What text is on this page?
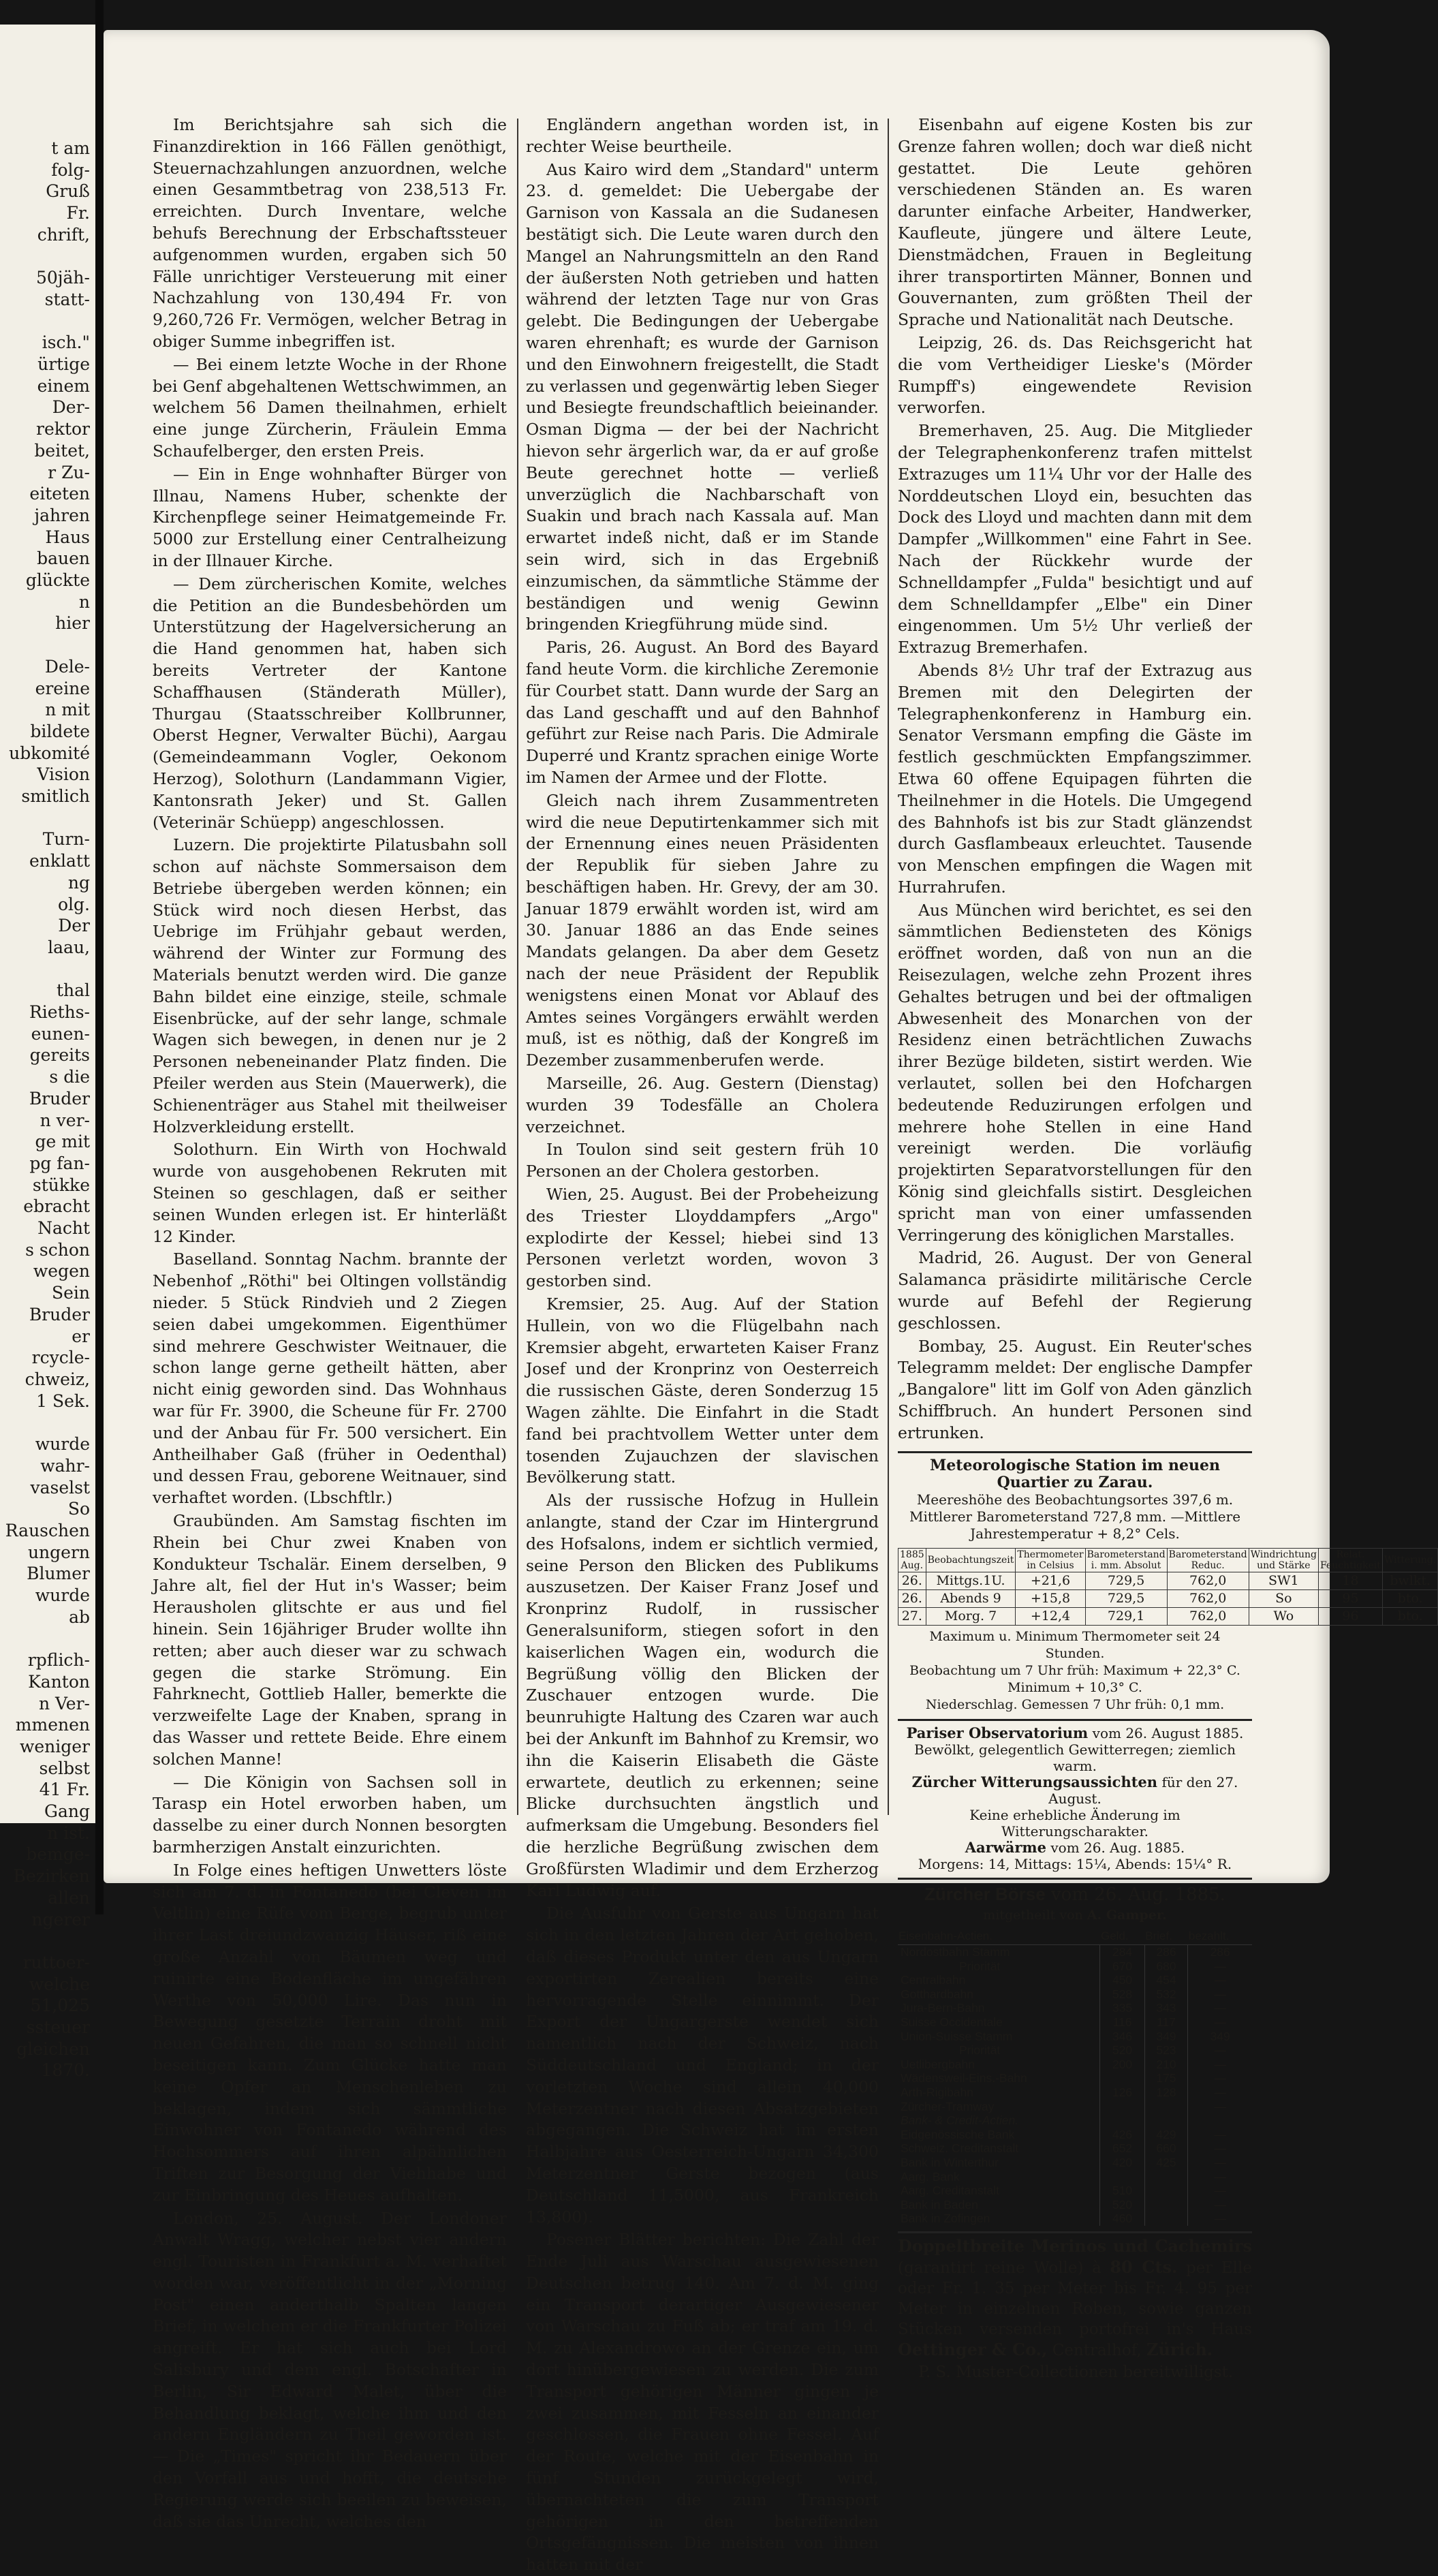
t am
folg-
Gruß
Fr.
chrift,
50jäh-
statt-
isch."
ürtige
einem
Der-
rektor
beitet,
r Zu-
eiteten
jahren
Haus
bauen
glückte
n
hier
Dele-
ereine
n mit
bildete
ubkomité
Vision
smitlich
Turn-
enklatt
ng
olg.
Der
laau,
thal
Rieths-
eunen-
gereits
s die
Bruder
n ver-
ge mit
pg fan-
stükke
ebracht
Nacht
s schon
wegen
Sein
Bruder
er
rcycle-
chweiz,
1 Sek.
wurde
wahr-
vaselst
So
Rauschen
ungern
Blumer
wurde
ab
rpflich-
Kanton
n Ver-
mmenen
weniger
selbst
41 Fr.
Gang
n ist.
bemge-
Bezirken
allen
ngerer
ruttoer-
welche
51,025
ssteuer
gleichen
1870.

Im Berichtsjahre sah sich die Finanzdirektion in 166 Fällen genöthigt, Steuernachzahlungen anzuordnen, welche einen Gesammtbetrag von 238,513 Fr. erreichten. Durch Inventare, welche behufs Berechnung der Erbschaftssteuer aufgenommen wurden, ergaben sich 50 Fälle unrichtiger Versteuerung mit einer Nachzahlung von 130,494 Fr. von 9,260,726 Fr. Vermögen, welcher Betrag in obiger Summe inbegriffen ist.

— Bei einem letzte Woche in der Rhone bei Genf abgehaltenen Wettschwimmen, an welchem 56 Damen theilnahmen, erhielt eine junge Zürcherin, Fräulein Emma Schaufelberger, den ersten Preis.

— Ein in Enge wohnhafter Bürger von Illnau, Namens Huber, schenkte der Kirchenpflege seiner Heimatgemeinde Fr. 5000 zur Erstellung einer Centralheizung in der Illnauer Kirche.

— Dem zürcherischen Komite, welches die Petition an die Bundesbehörden um Unterstützung der Hagelversicherung an die Hand genommen hat, haben sich bereits Vertreter der Kantone Schaffhausen (Ständerath Müller), Thurgau (Staatsschreiber Kollbrunner, Oberst Hegner, Verwalter Büchi), Aargau (Gemeindeammann Vogler, Oekonom Herzog), Solothurn (Landammann Vigier, Kantonsrath Jeker) und St. Gallen (Veterinär Schüepp) angeschlossen.

Luzern. Die projektirte Pilatusbahn soll schon auf nächste Sommersaison dem Betriebe übergeben werden können; ein Stück wird noch diesen Herbst, das Uebrige im Frühjahr gebaut werden, während der Winter zur Formung des Materials benutzt werden wird. Die ganze Bahn bildet eine einzige, steile, schmale Eisenbrücke, auf der sehr lange, schmale Wagen sich bewegen, in denen nur je 2 Personen nebeneinander Platz finden. Die Pfeiler werden aus Stein (Mauerwerk), die Schienenträger aus Stahel mit theilweiser Holzverkleidung erstellt.

Solothurn. Ein Wirth von Hochwald wurde von ausgehobenen Rekruten mit Steinen so geschlagen, daß er seither seinen Wunden erlegen ist. Er hinterläßt 12 Kinder.

Baselland. Sonntag Nachm. brannte der Nebenhof „Röthi" bei Oltingen vollständig nieder. 5 Stück Rindvieh und 2 Ziegen seien dabei umgekommen. Eigenthümer sind mehrere Geschwister Weitnauer, die schon lange gerne getheilt hätten, aber nicht einig geworden sind. Das Wohnhaus war für Fr. 3900, die Scheune für Fr. 2700 und der Anbau für Fr. 500 versichert. Ein Antheilhaber Gaß (früher in Oedenthal) und dessen Frau, geborene Weitnauer, sind verhaftet worden. (Lbschftlr.)

Graubünden. Am Samstag fischten im Rhein bei Chur zwei Knaben von Kondukteur Tschalär. Einem derselben, 9 Jahre alt, fiel der Hut in's Wasser; beim Herausholen glitschte er aus und fiel hinein. Sein 16jähriger Bruder wollte ihn retten; aber auch dieser war zu schwach gegen die starke Strömung. Ein Fahrknecht, Gottlieb Haller, bemerkte die verzweifelte Lage der Knaben, sprang in das Wasser und rettete Beide. Ehre einem solchen Manne!

— Die Königin von Sachsen soll in Tarasp ein Hotel erworben haben, um dasselbe zu einer durch Nonnen besorgten barmherzigen Anstalt einzurichten.

In Folge eines heftigen Unwetters löste sich am 7. d. in Fontanedo (bei Cleven im Veltlin) eine Rüfe vom Berge, begrub unter ihrer Last dreiundzwanzig Häuser, riß eine große Anzahl von Bäumen weg und ruinirte eine Bodenfläche im ungefähren Werthe von 50,000 Lire. Das nun in Bewegung gesetzte Terrain droht mit neuen Gefahren, die man so schnell nicht beseitigen kann. Zum Glücke hatte man keine Opfer an Menschenleben zu beklagen, indem sich sämmtliche Einwohner von Fontanedo während des Hochsommers auf ihren alpähnlichen Triften zur Besorgung der Viehhabe und zur Einbringung des Heues aufhalten.

London, 25. August. Der Londoner Anwalt Wragg, welcher nebst vier andern engl. Touristen in Frankfurt a. M. verhaftet worden war, veröffentlicht in der „Morning Post" einen anderthalb Spalten langen Brief, in welchem er die Frankfurter Polizei angreift. Er hat sich auch bei Lord Salisbury und dem engl. Botschafter in Berlin, Sir Edward Malet, über die Behandlung beklagt, welche ihm und den andern Engländern zu Theil geworden ist. — Die „Times" spricht ihr Bedauern über den Vorfall aus und hofft, die deutsche Regierung werde sich beeilen zu beweisen, daß sie das Unrecht, welches den

Engländern angethan worden ist, in rechter Weise beurtheile.

Aus Kairo wird dem „Standard" unterm 23. d. gemeldet: Die Uebergabe der Garnison von Kassala an die Sudanesen bestätigt sich. Die Leute waren durch den Mangel an Nahrungsmitteln an den Rand der äußersten Noth getrieben und hatten während der letzten Tage nur von Gras gelebt. Die Bedingungen der Uebergabe waren ehrenhaft; es wurde der Garnison und den Einwohnern freigestellt, die Stadt zu verlassen und gegenwärtig leben Sieger und Besiegte freundschaftlich beieinander. Osman Digma — der bei der Nachricht hievon sehr ärgerlich war, da er auf große Beute gerechnet hotte — verließ unverzüglich die Nachbarschaft von Suakin und brach nach Kassala auf. Man erwartet indeß nicht, daß er im Stande sein wird, sich in das Ergebniß einzumischen, da sämmtliche Stämme der beständigen und wenig Gewinn bringenden Kriegführung müde sind.

Paris, 26. August. An Bord des Bayard fand heute Vorm. die kirchliche Zeremonie für Courbet statt. Dann wurde der Sarg an das Land geschafft und auf den Bahnhof geführt zur Reise nach Paris. Die Admirale Duperré und Krantz sprachen einige Worte im Namen der Armee und der Flotte.

Gleich nach ihrem Zusammentreten wird die neue Deputirtenkammer sich mit der Ernennung eines neuen Präsidenten der Republik für sieben Jahre zu beschäftigen haben. Hr. Grevy, der am 30. Januar 1879 erwählt worden ist, wird am 30. Januar 1886 an das Ende seines Mandats gelangen. Da aber dem Gesetz nach der neue Präsident der Republik wenigstens einen Monat vor Ablauf des Amtes seines Vorgängers erwählt werden muß, ist es nöthig, daß der Kongreß im Dezember zusammenberufen werde.

Marseille, 26. Aug. Gestern (Dienstag) wurden 39 Todesfälle an Cholera verzeichnet.

In Toulon sind seit gestern früh 10 Personen an der Cholera gestorben.

Wien, 25. August. Bei der Probeheizung des Triester Lloyddampfers „Argo" explodirte der Kessel; hiebei sind 13 Personen verletzt worden, wovon 3 gestorben sind.

Kremsier, 25. Aug. Auf der Station Hullein, von wo die Flügelbahn nach Kremsier abgeht, erwarteten Kaiser Franz Josef und der Kronprinz von Oesterreich die russischen Gäste, deren Sonderzug 15 Wagen zählte. Die Einfahrt in die Stadt fand bei prachtvollem Wetter unter dem tosenden Zujauchzen der slavischen Bevölkerung statt.

Als der russische Hofzug in Hullein anlangte, stand der Czar im Hintergrund des Hofsalons, indem er sichtlich vermied, seine Person den Blicken des Publikums auszusetzen. Der Kaiser Franz Josef und Kronprinz Rudolf, in russischer Generalsuniform, stiegen sofort in den kaiserlichen Wagen ein, wodurch die Begrüßung völlig den Blicken der Zuschauer entzogen wurde. Die beunruhigte Haltung des Czaren war auch bei der Ankunft im Bahnhof zu Kremsir, wo ihn die Kaiserin Elisabeth die Gäste erwartete, deutlich zu erkennen; seine Blicke durchsuchten ängstlich und aufmerksam die Umgebung. Besonders fiel die herzliche Begrüßung zwischen dem Großfürsten Wladimir und dem Erzherzog Karl Ludwig auf.

Die Ausfuhr von Gerste aus Ungarn hat sich in den letzten Jahren der Art gehoben, daß dieses Produkt unter den aus Ungarn exportirten Zerealien bereits eine hervorragende Stelle einnimmt. Der Export der Ungargerste wendet sich namentlich nach der Schweiz, nach Süddeutschland und England; in der vorletzten Woche sind allein 40,000 Meterzentner nach diesen Absatzgebieten abgegangen. Die Schweiz hat im ersten Halbjahre aus Oesterreich-Ungarn 34,300 Meterzentner Gerste bezogen (aus Deutschland 11,5000, aus Frankreich 13,800).

Posener Blätter berichten: Die Zahl der Ende Juli aus Warschau ausgewiesenen Deutschen betrug 140. Am 7. d. M. ging ein Transport derartiger Ausgewiesener von Warschau zu Fuß ab; er traf am 19. d. M. zu Alexandrowo an der Grenze ein, um dort hinübergewiesen zu werden. Die zum Transport gehörigen Männer gingen je zwei zusammen, mit Fesseln an einander geschlossen, die Frauen ohne Fessel. Auf der Route, welche mit der Eisenbahn in fünf Stunden zurückgelegt wird, übernachteten die zum Transport gehörigen in den betreffenden Ortsgefängnissen. Die meisten von ihnen hatten mit der

Eisenbahn auf eigene Kosten bis zur Grenze fahren wollen; doch war dieß nicht gestattet. Die Leute gehören verschiedenen Ständen an. Es waren darunter einfache Arbeiter, Handwerker, Kaufleute, jüngere und ältere Leute, Dienstmädchen, Frauen in Begleitung ihrer transportirten Männer, Bonnen und Gouvernanten, zum größten Theil der Sprache und Nationalität nach Deutsche.

Leipzig, 26. ds. Das Reichsgericht hat die vom Vertheidiger Lieske's (Mörder Rumpff's) eingewendete Revision verworfen.

Bremerhaven, 25. Aug. Die Mitglieder der Telegraphenkonferenz trafen mittelst Extrazuges um 11¼ Uhr vor der Halle des Norddeutschen Lloyd ein, besuchten das Dock des Lloyd und machten dann mit dem Dampfer „Willkommen" eine Fahrt in See. Nach der Rückkehr wurde der Schnelldampfer „Fulda" besichtigt und auf dem Schnelldampfer „Elbe" ein Diner eingenommen. Um 5½ Uhr verließ der Extrazug Bremerhafen.

Abends 8½ Uhr traf der Extrazug aus Bremen mit den Delegirten der Telegraphenkonferenz in Hamburg ein. Senator Versmann empfing die Gäste im festlich geschmückten Empfangszimmer. Etwa 60 offene Equipagen führten die Theilnehmer in die Hotels. Die Umgegend des Bahnhofs ist bis zur Stadt glänzendst durch Gasflambeaux erleuchtet. Tausende von Menschen empfingen die Wagen mit Hurrahrufen.

Aus München wird berichtet, es sei den sämmtlichen Bediensteten des Königs eröffnet worden, daß von nun an die Reisezulagen, welche zehn Prozent ihres Gehaltes betrugen und bei der oftmaligen Abwesenheit des Monarchen von der Residenz einen beträchtlichen Zuwachs ihrer Bezüge bildeten, sistirt werden. Wie verlautet, sollen bei den Hofchargen bedeutende Reduzirungen erfolgen und mehrere hohe Stellen in eine Hand vereinigt werden. Die vorläufig projektirten Separatvorstellungen für den König sind gleichfalls sistirt. Desgleichen spricht man von einer umfassenden Verringerung des königlichen Marstalles.

Madrid, 26. August. Der von General Salamanca präsidirte militärische Cercle wurde auf Befehl der Regierung geschlossen.

Bombay, 25. August. Ein Reuter'sches Telegramm meldet: Der englische Dampfer „Bangalore" litt im Golf von Aden gänzlich Schiffbruch. An hundert Personen sind ertrunken.

Meteorologische Station im neuen Quartier zu Zarau.
Meereshöhe des Beobachtungsortes 397,6 m.
Mittlerer Barometerstand 727,8 mm. —Mittlere
Jahrestemperatur + 8,2° Cels.
1885 Aug.	Beobachtungszeit	Thermometer in Celsius	Barometerstand i. mm. Absolut	Barometerstand Reduc.	Windrichtung und Stärke	Relat. Feuchtigkeit	Witterung.
26.	Mittgs.1U.	+21,6	729,5	762,0	SW1	18	bwlkt.
26.	Abends 9	+15,8	729,5	762,0	So	95	bto.
27.	Morg. 7	+12,4	729,1	762,0	Wo	96	bto.
Maximum u. Minimum Thermometer seit 24 Stunden.
Beobachtung um 7 Uhr früh: Maximum + 22,3° C.
Minimum + 10,3° C.
Niederschlag. Gemessen 7 Uhr früh: 0,1 mm.
Pariser Observatorium vom 26. August 1885.
Bewölkt, gelegentlich Gewitterregen; ziemlich warm.
Zürcher Witterungsaussichten für den 27. August.
Keine erhebliche Änderung im Witterungscharakter.
Aarwärme vom 26. Aug. 1885.
Morgens: 14, Mittags: 15¼, Abends: 15¼° R.
Zürcher Börse vom 26. Aug. 1885.
mitgetheilt von A. Gamper.
Eisenbahn-Actien.	Geld.	Brief.	bezahlt.
Nordostbahn Stamm	284	286	286
Priorität	670	680	—
Centralbahn	450	454	—
Gotthardbahn	528	532	—
Jura-Bern-Bahn	335	343	—
Suisse Occidentale	116	117	—
Union-Suisse Stamm	346	349	349
Priorität	520	523	—
Uetlibergbahn	200	210	—
Wädensweil-Eins.-Bahn		175	—
Arth-Rigibahn	126	128	—
Zürcher-Tramway			—
Bank- & Credit-Actien.			
Eidgenössische Bank	426	429	—
Schweiz. Creditanstalt	652	660	—
Bank in Winterthur	420	425	—
Aarg. Bank			—
Aarg. Creditanstalt	510		—
Bank in Baden	520		—
Bank in Zofingen	460		—
Doppeltbreite Merinos und Cachemirs (garantirt reine Wolle) à 80 Cts. per Elle oder Fr. 1. 35 per Meter bis Fr. 4. 95 per Meter in einzelnen Roben, sowie ganzen Stücken versenden portofrei in's Haus Oettinger & Co., Centralhof, Zürich.
P. S. Muster-Collectionen bereitwilligst.
